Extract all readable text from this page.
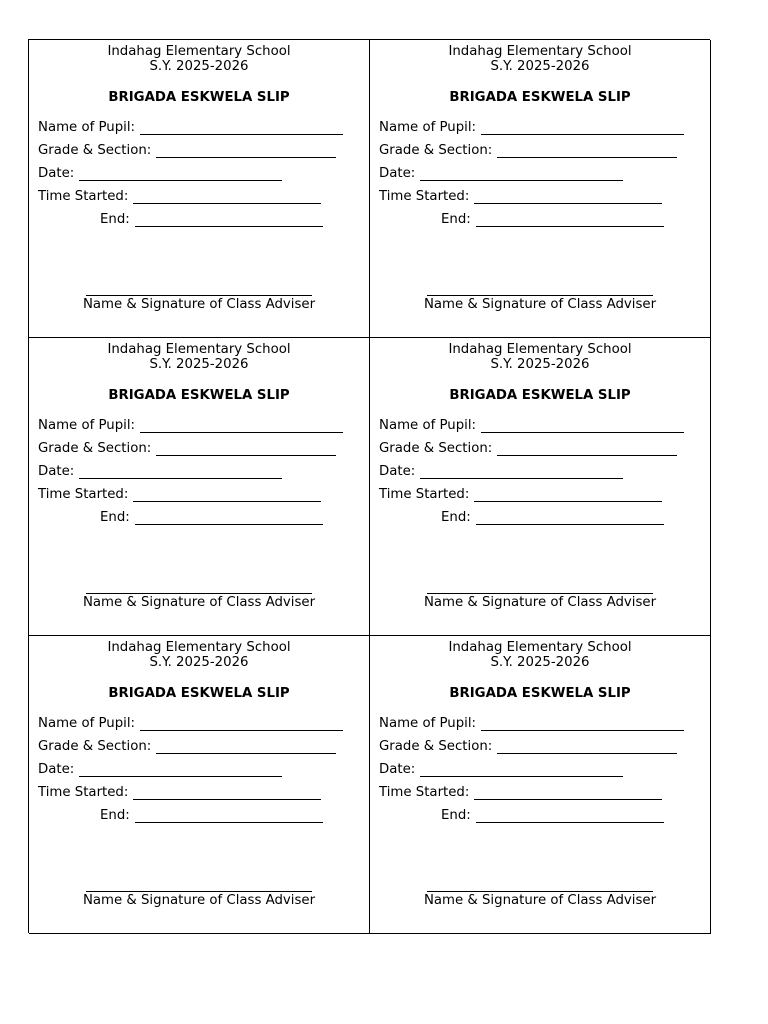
Indahag Elementary School
S.Y. 2025-2026
BRIGADA ESKWELA SLIP
Name of Pupil:
Grade & Section:
Date:
Time Started:
End:
Name & Signature of Class Adviser
Indahag Elementary School
S.Y. 2025-2026
BRIGADA ESKWELA SLIP
Name of Pupil:
Grade & Section:
Date:
Time Started:
End:
Name & Signature of Class Adviser
Indahag Elementary School
S.Y. 2025-2026
BRIGADA ESKWELA SLIP
Name of Pupil:
Grade & Section:
Date:
Time Started:
End:
Name & Signature of Class Adviser
Indahag Elementary School
S.Y. 2025-2026
BRIGADA ESKWELA SLIP
Name of Pupil:
Grade & Section:
Date:
Time Started:
End:
Name & Signature of Class Adviser
Indahag Elementary School
S.Y. 2025-2026
BRIGADA ESKWELA SLIP
Name of Pupil:
Grade & Section:
Date:
Time Started:
End:
Name & Signature of Class Adviser
Indahag Elementary School
S.Y. 2025-2026
BRIGADA ESKWELA SLIP
Name of Pupil:
Grade & Section:
Date:
Time Started:
End:
Name & Signature of Class Adviser
